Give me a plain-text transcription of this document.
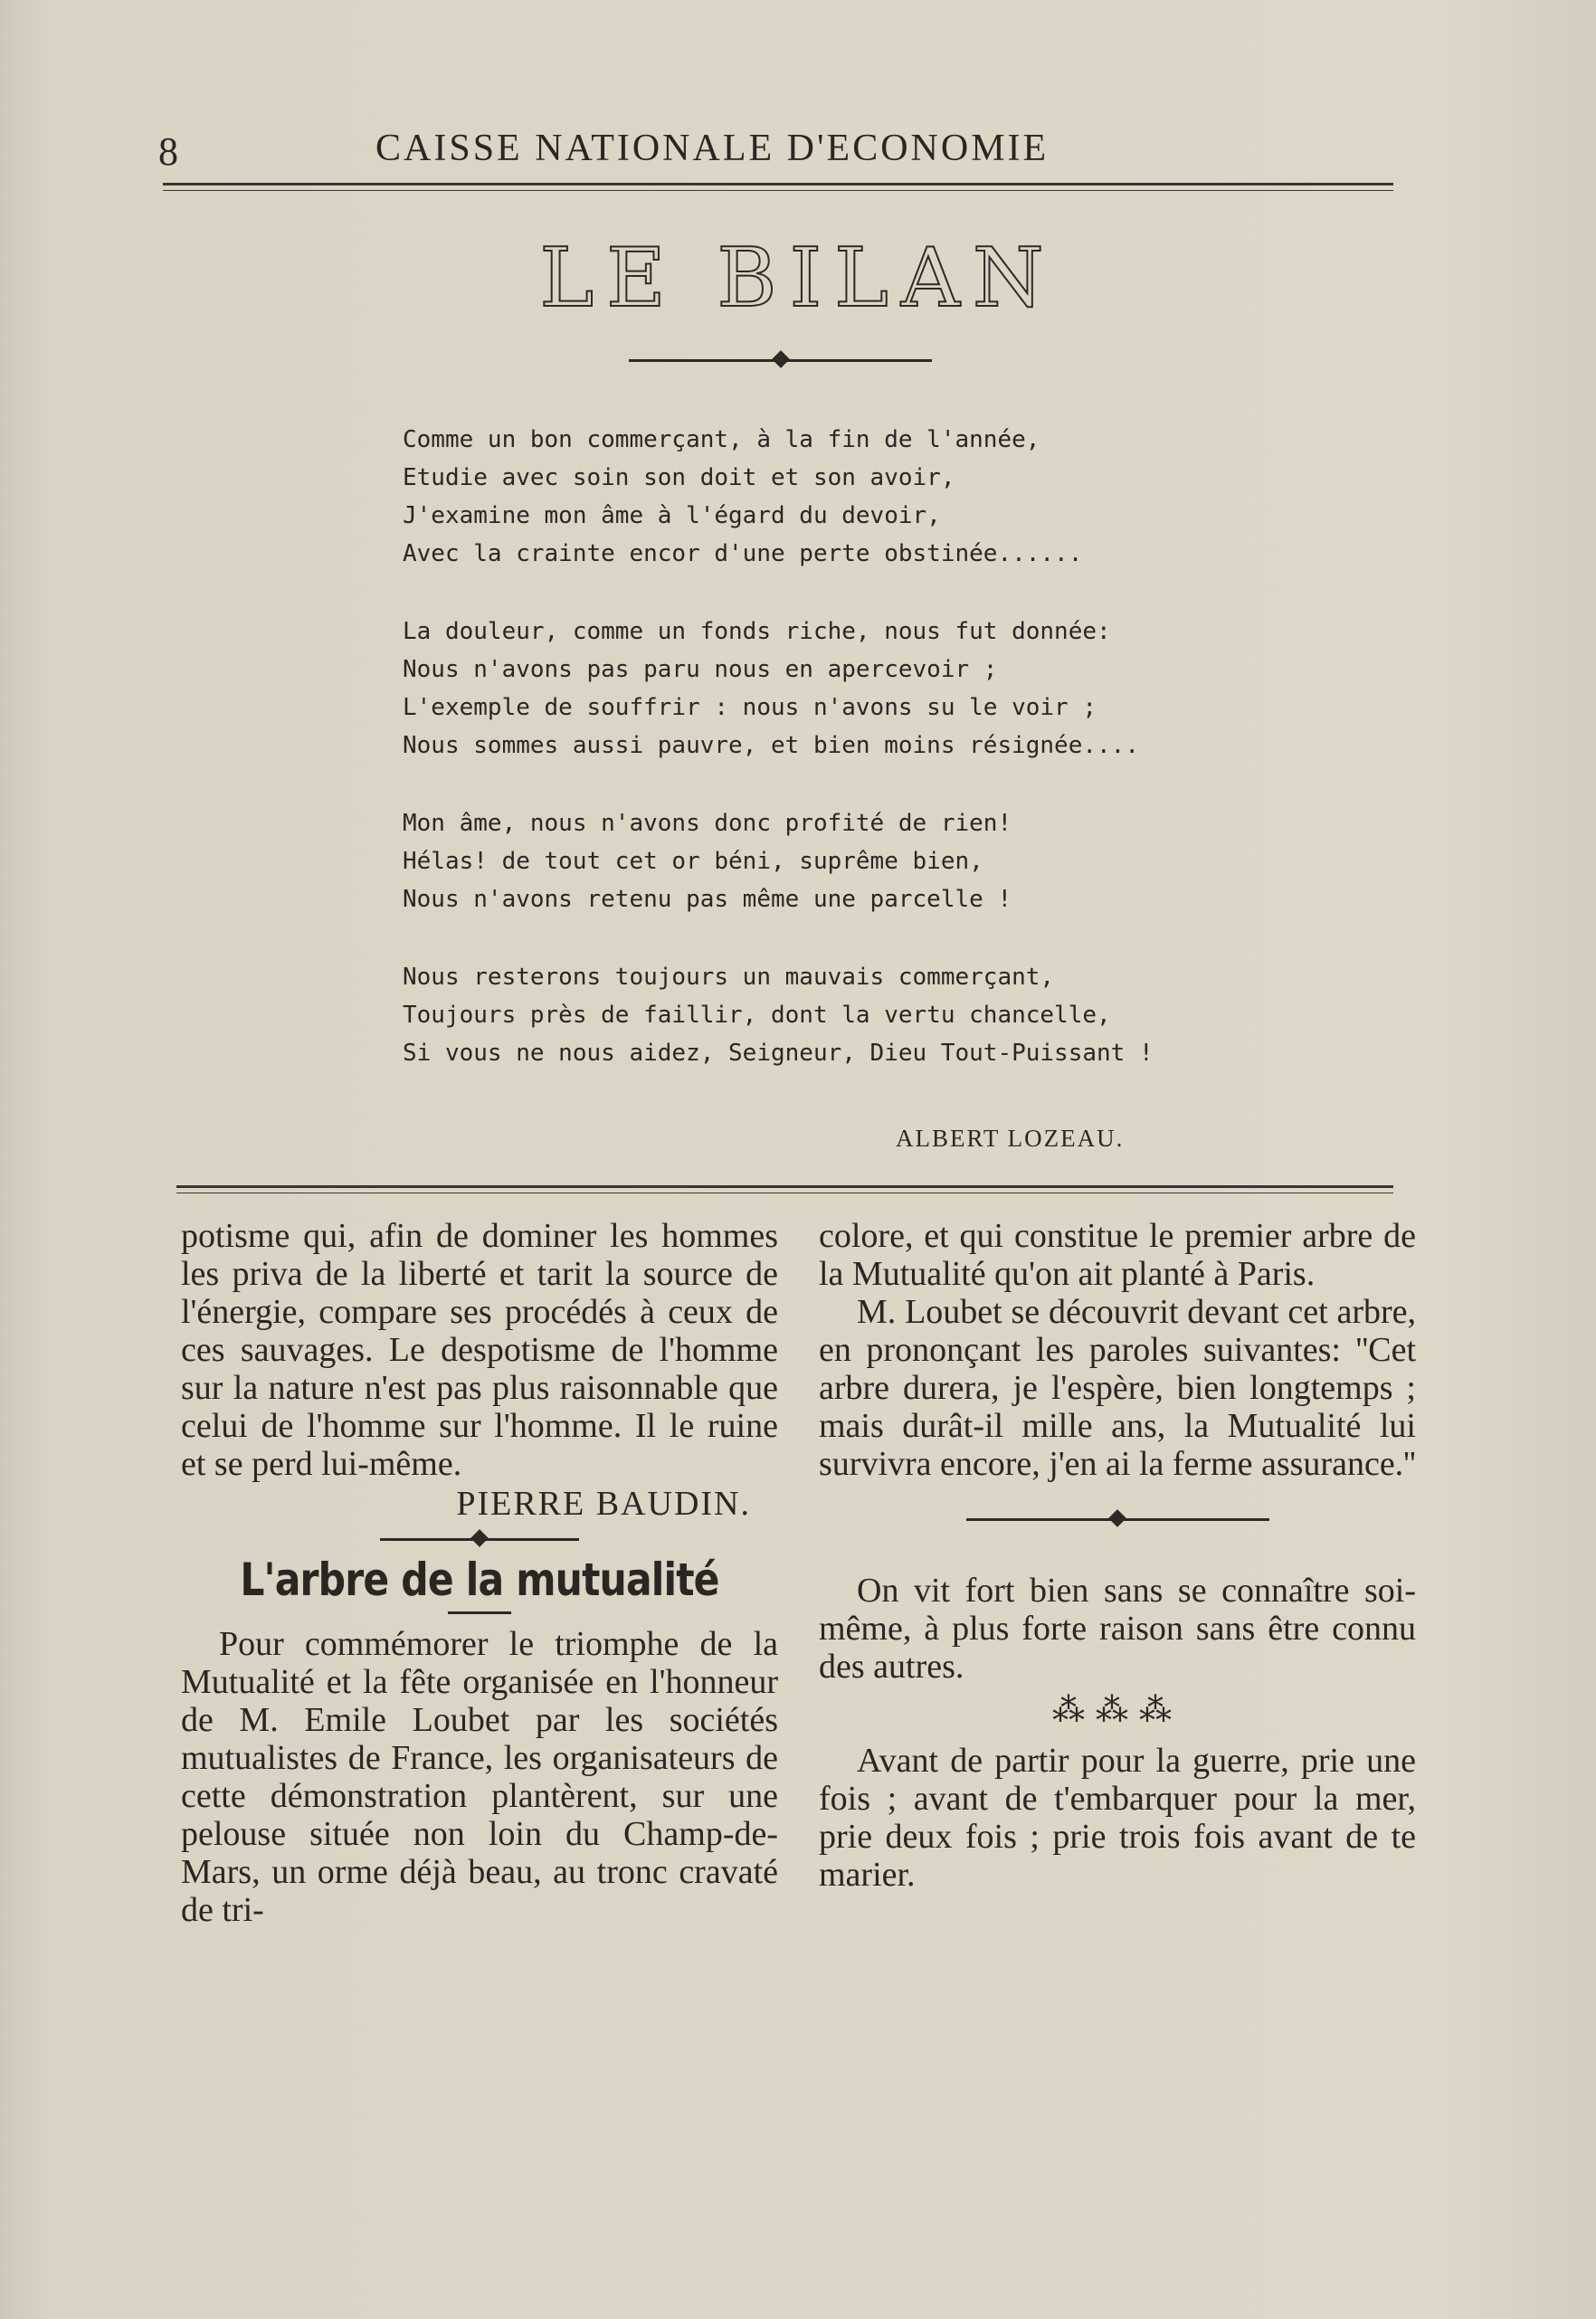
8	CAISSE NATIONALE D'ECONOMIE
LE BILAN
Comme un bon commerçant, à la fin de l'année,
Etudie avec soin son doit et son avoir,
J'examine mon âme à l'égard du devoir,
Avec la crainte encor d'une perte obstinée......
La douleur, comme un fonds riche, nous fut donnée:
Nous n'avons pas paru nous en apercevoir ;
L'exemple de souffrir : nous n'avons su le voir ;
Nous sommes aussi pauvre, et bien moins résignée....
Mon âme, nous n'avons donc profité de rien!
Hélas! de tout cet or béni, suprême bien,
Nous n'avons retenu pas même une parcelle !
Nous resterons toujours un mauvais commerçant,
Toujours près de faillir, dont la vertu chancelle,
Si vous ne nous aidez, Seigneur, Dieu Tout-Puissant !
ALBERT LOZEAU.

potisme qui, afin de dominer les hommes les priva de la liberté et tarit la source de l'énergie, compare ses procédés à ceux de ces sauvages. Le despotisme de l'homme sur la nature n'est pas plus raisonnable que celui de l'homme sur l'homme. Il le ruine et se perd lui-même.

PIERRE BAUDIN.
L'arbre de la mutualité

Pour commémorer le triomphe de la Mutualité et la fête organisée en l'honneur de M. Emile Loubet par les sociétés mutualistes de France, les organisateurs de cette démonstration plantèrent, sur une pelouse située non loin du Champ-de-Mars, un orme déjà beau, au tronc cravaté de tri-

colore, et qui constitue le premier arbre de la Mutualité qu'on ait planté à Paris.

M. Loubet se découvrit devant cet arbre, en prononçant les paroles suivantes: ''Cet arbre durera, je l'espère, bien longtemps ; mais durât-il mille ans, la Mutualité lui survivra encore, j'en ai la ferme assurance.''

On vit fort bien sans se connaître soi-même, à plus forte raison sans être connu des autres.

⁂⁂⁂

Avant de partir pour la guerre, prie une fois ; avant de t'embarquer pour la mer, prie deux fois ; prie trois fois avant de te marier.
